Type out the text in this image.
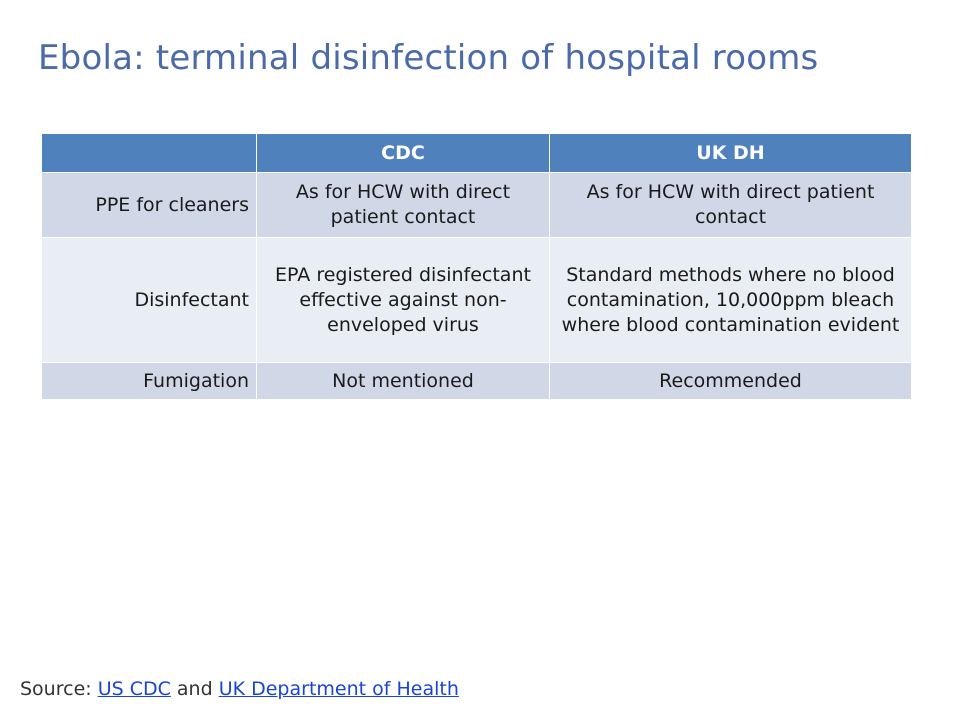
Ebola: terminal disinfection of hospital rooms
	CDC	UK DH
PPE for cleaners	As for HCW with direct patient contact	As for HCW with direct patient contact
Disinfectant	EPA registered disinfectant effective against non-enveloped virus	Standard methods where no blood contamination, 10,000ppm bleach where blood contamination evident
Fumigation	Not mentioned	Recommended
Source: US CDC and UK Department of Health
